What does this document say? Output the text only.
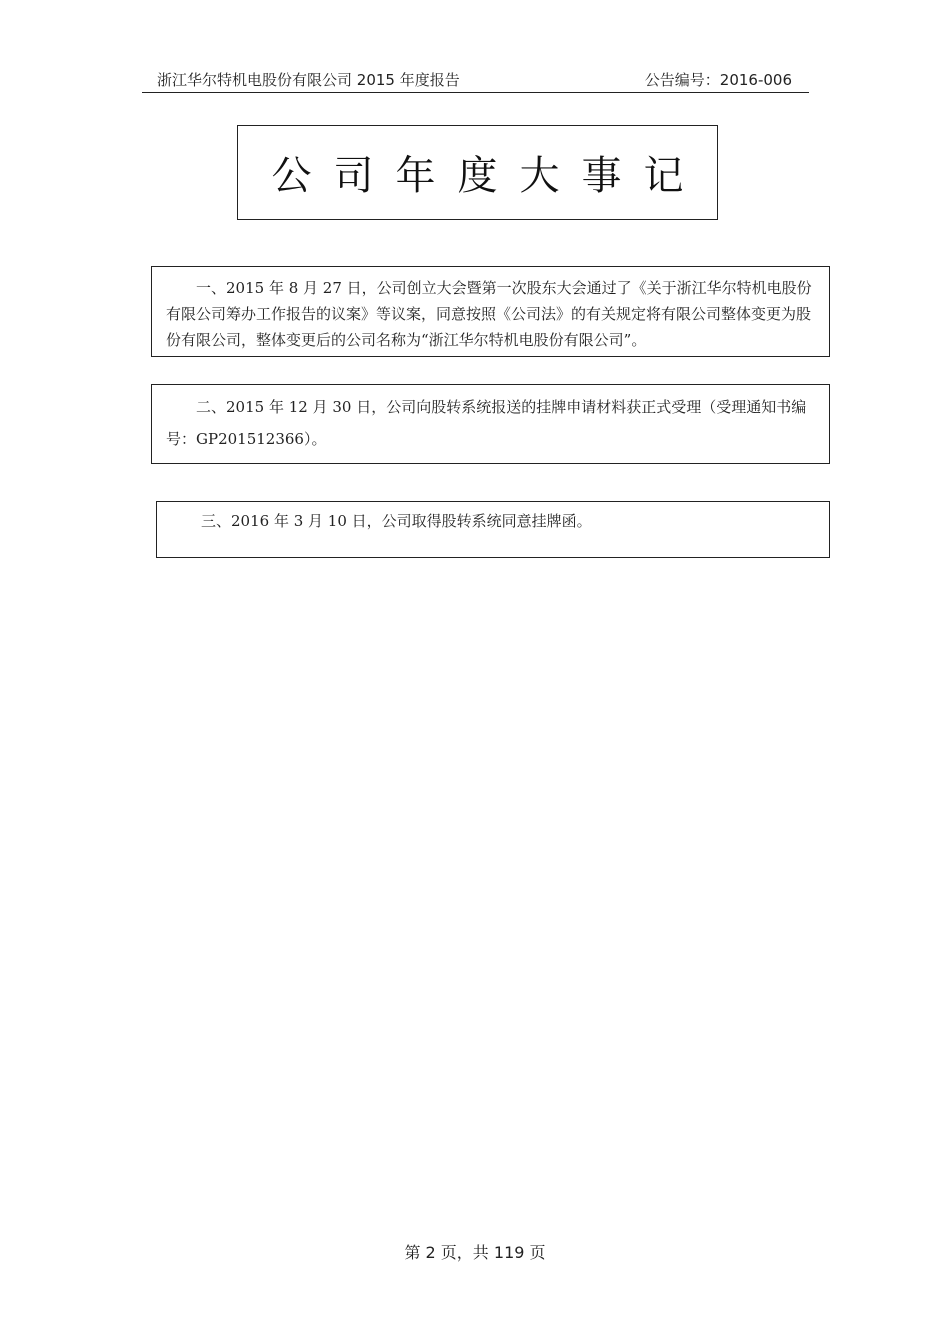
浙江华尔特机电股份有限公司 2015 年度报告	公告编号：2016-006
公司年度大事记

一、2015 年 8 月 27 日，公司创立大会暨第一次股东大会通过了《关于浙江华尔特机电股份有限公司筹办工作报告的议案》等议案，同意按照《公司法》的有关规定将有限公司整体变更为股份有限公司，整体变更后的公司名称为“浙江华尔特机电股份有限公司”。

二、2015 年 12 月 30 日，公司向股转系统报送的挂牌申请材料获正式受理（受理通知书编号：GP201512366）。

三、2016 年 3 月 10 日，公司取得股转系统同意挂牌函。

第 2 页，共 119 页
